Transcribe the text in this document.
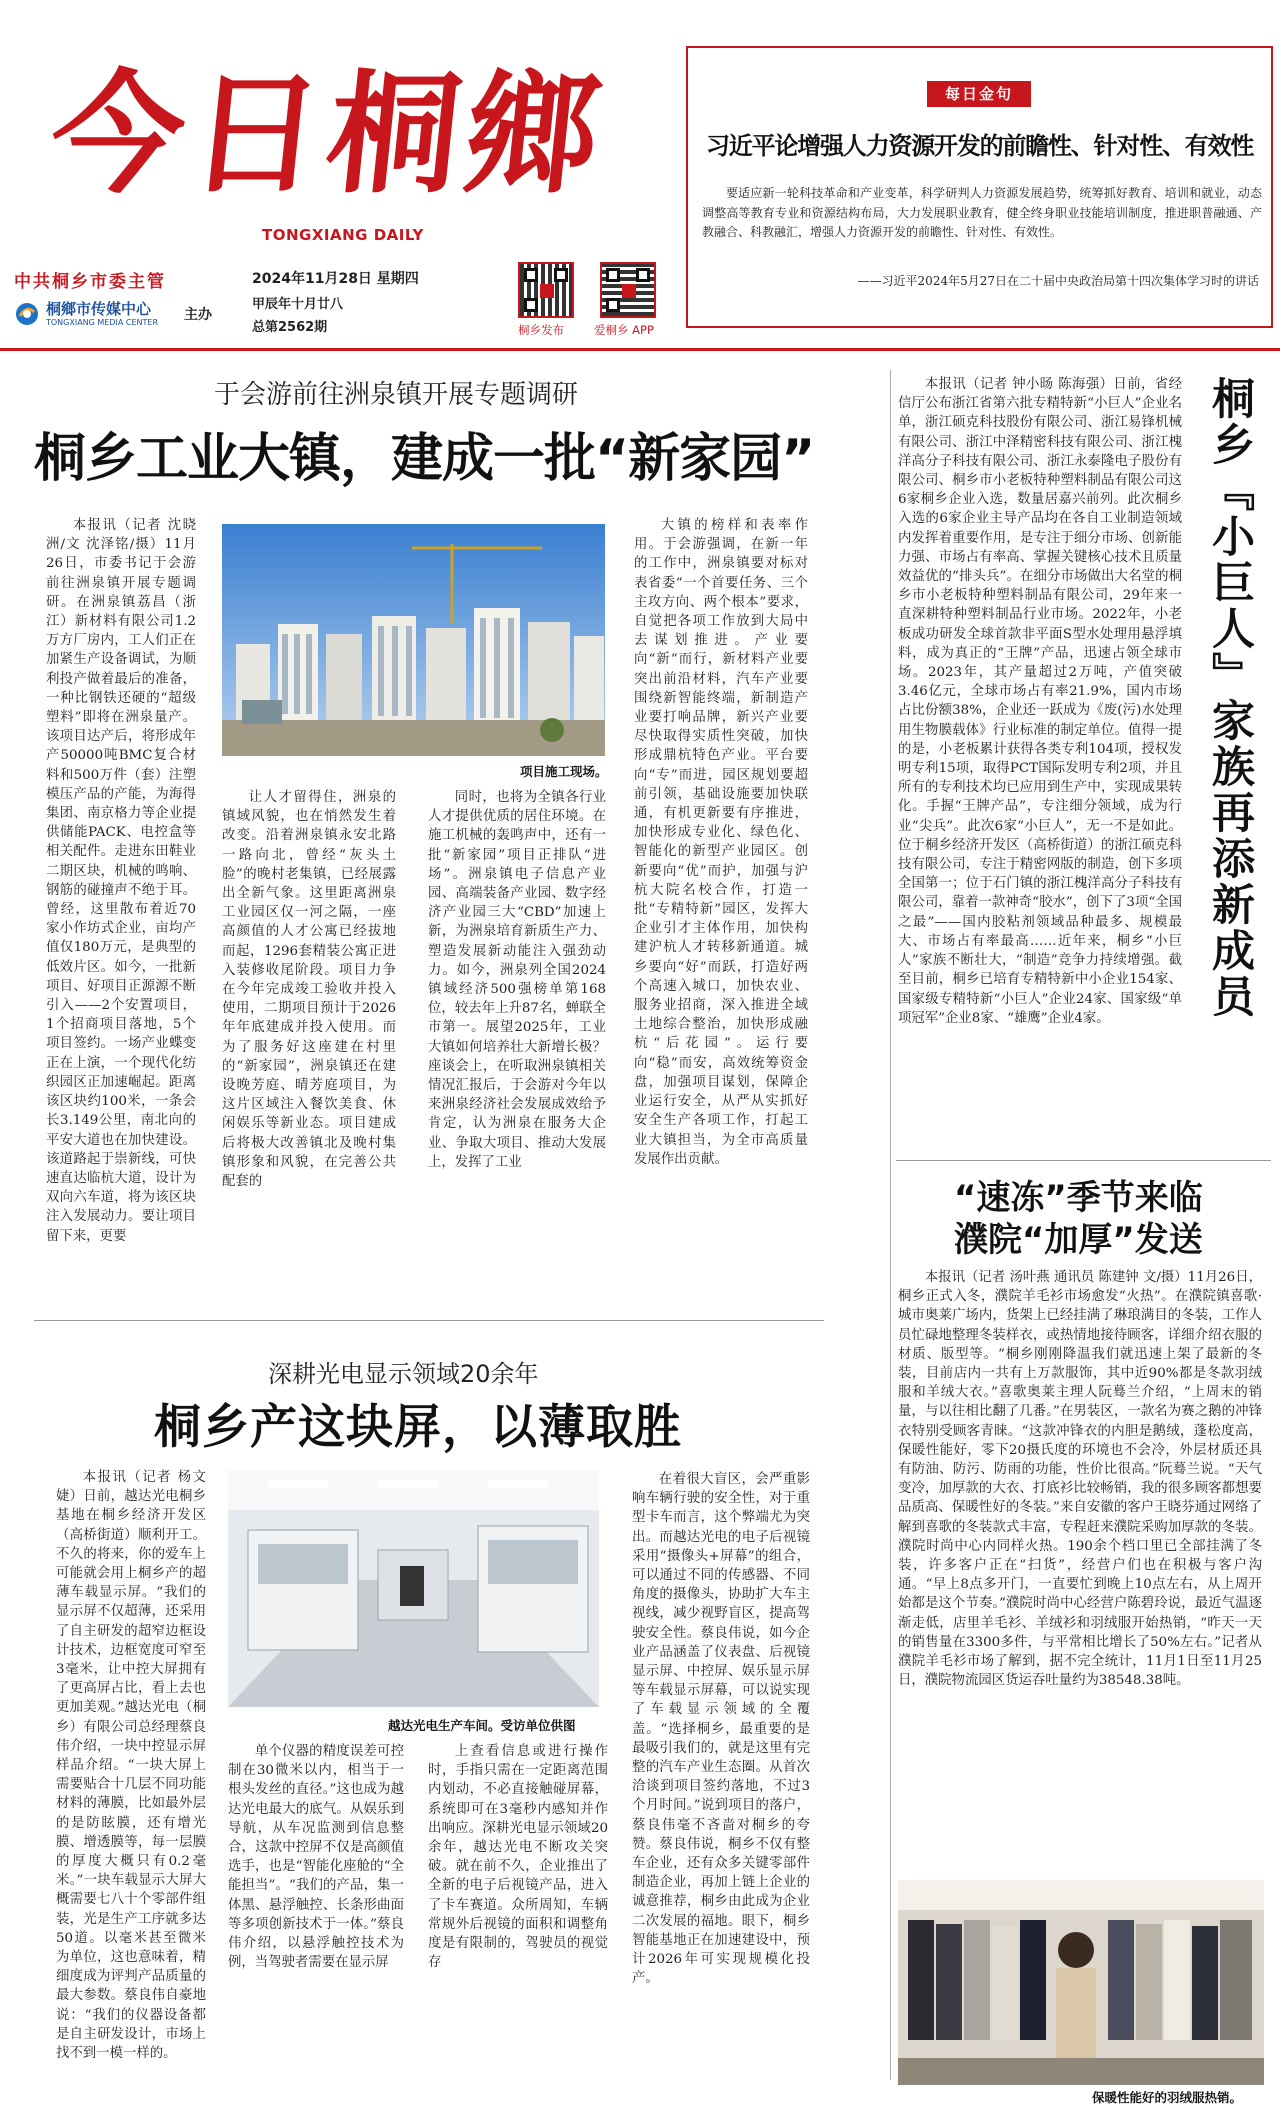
今日桐鄉
TONGXIANG DAILY
中共桐乡市委主管
桐鄉市传媒中心
TONGXIANG MEDIA CENTER 主办
2024年11月28日 星期四
甲辰年十月廿八
总第2562期	桐乡发布	爱桐乡 APP
每日金句
习近平论增强人力资源开发的前瞻性、针对性、有效性
要适应新一轮科技革命和产业变革，科学研判人力资源发展趋势，统筹抓好教育、培训和就业，动态调整高等教育专业和资源结构布局，大力发展职业教育，健全终身职业技能培训制度，推进职普融通、产教融合、科教融汇，增强人力资源开发的前瞻性、针对性、有效性。
——习近平2024年5月27日在二十届中央政治局第十四次集体学习时的讲话
于会游前往洲泉镇开展专题调研
桐乡工业大镇，建成一批“新家园”
本报讯（记者 沈晓洲/文 沈泽铭/摄）11月26日，市委书记于会游前往洲泉镇开展专题调研。在洲泉镇荔昌（浙江）新材料有限公司1.2万方厂房内，工人们正在加紧生产设备调试，为顺利投产做着最后的准备，一种比钢铁还硬的“超级塑料”即将在洲泉量产。该项目达产后，将形成年产50000吨BMC复合材料和500万件（套）注塑模压产品的产能，为海得集团、南京格力等企业提供储能PACK、电控盒等相关配件。走进东田鞋业二期区块，机械的鸣响、钢筋的碰撞声不绝于耳。曾经，这里散布着近70家小作坊式企业，亩均产值仅180万元，是典型的低效片区。如今，一批新项目、好项目正源源不断引入——2个安置项目，1个招商项目落地，5个项目签约。一场产业蝶变正在上演，一个现代化纺织园区正加速崛起。距离该区块约100米，一条会长3.149公里，南北向的平安大道也在加快建设。该道路起于崇新线，可快速直达临杭大道，设计为双向六车道，将为该区块注入发展动力。要让项目留下来，更要
项目施工现场。
让人才留得住，洲泉的镇域风貌，也在悄然发生着改变。沿着洲泉镇永安北路一路向北，曾经“灰头土脸”的晚村老集镇，已经展露出全新气象。这里距离洲泉工业园区仅一河之隔，一座高颜值的人才公寓已经拔地而起，1296套精装公寓正进入装修收尾阶段。项目力争在今年完成竣工验收并投入使用，二期项目预计于2026年年底建成并投入使用。而为了服务好这座建在村里的“新家园”，洲泉镇还在建设晚芳庭、晴芳庭项目，为这片区域注入餐饮美食、休闲娱乐等新业态。项目建成后将极大改善镇北及晚村集镇形象和风貌，在完善公共配套的
同时，也将为全镇各行业人才提供优质的居住环境。在施工机械的轰鸣声中，还有一批“新家园”项目正排队“进场”。洲泉镇电子信息产业园、高端装备产业园、数字经济产业园三大“CBD”加速上新，为洲泉培育新质生产力、塑造发展新动能注入强劲动力。如今，洲泉列全国2024镇域经济500强榜单第168位，较去年上升87名，蝉联全市第一。展望2025年，工业大镇如何培养壮大新增长极？座谈会上，在听取洲泉镇相关情况汇报后，于会游对今年以来洲泉经济社会发展成效给予肯定，认为洲泉在服务大企业、争取大项目、推动大发展上，发挥了工业
大镇的榜样和表率作用。于会游强调，在新一年的工作中，洲泉镇要对标对表省委“一个首要任务、三个主攻方向、两个根本”要求，自觉把各项工作放到大局中去谋划推进。产业要向“新”而行，新材料产业要突出前沿材料，汽车产业要围绕新智能终端，新制造产业要打响品牌，新兴产业要尽快取得实质性突破，加快形成鼎杭特色产业。平台要向“专”而进，园区规划要超前引领，基础设施要加快联通，有机更新要有序推进，加快形成专业化、绿色化、智能化的新型产业园区。创新要向“优”而护，加强与沪杭大院名校合作，打造一批“专精特新”园区，发挥大企业引才主体作用，加快构建沪杭人才转移新通道。城乡要向“好”而跃，打造好两个高速入城口，加快农业、服务业招商，深入推进全域土地综合整治，加快形成融杭“后花园”。运行要向“稳”而安，高效统筹资金盘，加强项目谋划，保障企业运行安全，从严从实抓好安全生产各项工作，打起工业大镇担当，为全市高质量发展作出贡献。
深耕光电显示领域20余年
桐乡产这块屏，以薄取胜
本报讯（记者 杨文婕）日前，越达光电桐乡基地在桐乡经济开发区（高桥街道）顺利开工。不久的将来，你的爱车上可能就会用上桐乡产的超薄车载显示屏。“我们的显示屏不仅超薄，还采用了自主研发的超窄边框设计技术，边框宽度可窄至3毫米，让中控大屏拥有了更高屏占比，看上去也更加美观。”越达光电（桐乡）有限公司总经理蔡良伟介绍，一块中控显示屏样品介绍。“一块大屏上需要贴合十几层不同功能材料的薄膜，比如最外层的是防眩膜，还有增光膜、增透膜等，每一层膜的厚度大概只有0.2毫米。”一块车载显示大屏大概需要七八十个零部件组装，光是生产工序就多达50道。以毫米甚至微米为单位，这也意味着，精细度成为评判产品质量的最大参数。蔡良伟自豪地说：“我们的仪器设备都是自主研发设计，市场上找不到一模一样的。
越达光电生产车间。受访单位供图
单个仪器的精度误差可控制在30微米以内，相当于一根头发丝的直径。”这也成为越达光电最大的底气。从娱乐到导航，从车况监测到信息整合，这款中控屏不仅是高颜值选手，也是“智能化座舱的“全能担当”。“我们的产品，集一体黑、悬浮触控、长条形曲面等多项创新技术于一体。”蔡良伟介绍，以悬浮触控技术为例，当驾驶者需要在显示屏
上查看信息或进行操作时，手指只需在一定距离范围内划动，不必直接触碰屏幕，系统即可在3毫秒内感知并作出响应。深耕光电显示领域20余年，越达光电不断攻关突破。就在前不久，企业推出了全新的电子后视镜产品，进入了卡车赛道。众所周知，车辆常规外后视镜的面积和调整角度是有限制的，驾驶员的视觉存
在着很大盲区，会严重影响车辆行驶的安全性，对于重型卡车而言，这个弊端尤为突出。而越达光电的电子后视镜采用“摄像头+屏幕”的组合，可以通过不同的传感器、不同角度的摄像头，协助扩大车主视线，减少视野盲区，提高驾驶安全性。蔡良伟说，如今企业产品涵盖了仪表盘、后视镜显示屏、中控屏、娱乐显示屏等车载显示屏幕，可以说实现了车载显示领域的全覆盖。“选择桐乡，最重要的是最吸引我们的，就是这里有完整的汽车产业生态圈。从首次洽谈到项目签约落地，不过3个月时间。”说到项目的落户，蔡良伟毫不吝啬对桐乡的夸赞。蔡良伟说，桐乡不仅有整车企业，还有众多关键零部件制造企业，再加上链上企业的诚意推荐，桐乡由此成为企业二次发展的福地。眼下，桐乡智能基地正在加速建设中，预计2026年可实现规模化投产。
本报讯（记者 钟小旸 陈海强）日前，省经信厅公布浙江省第六批专精特新“小巨人”企业名单，浙江硕克科技股份有限公司、浙江易锋机械有限公司、浙江中泽精密科技有限公司、浙江槐洋高分子科技有限公司、浙江永泰隆电子股份有限公司、桐乡市小老板特种塑料制品有限公司这6家桐乡企业入选，数量居嘉兴前列。此次桐乡入选的6家企业主导产品均在各自工业制造领域内发挥着重要作用，是专注于细分市场、创新能力强、市场占有率高、掌握关键核心技术且质量效益优的“排头兵”。在细分市场做出大名堂的桐乡市小老板特种塑料制品有限公司，29年来一直深耕特种塑料制品行业市场。2022年，小老板成功研发全球首款非平面S型水处理用悬浮填料，成为真正的“王牌”产品，迅速占领全球市场。2023年，其产量超过2万吨，产值突破3.46亿元，全球市场占有率21.9%，国内市场占比份额38%，企业还一跃成为《废(污)水处理用生物膜载体》行业标准的制定单位。值得一提的是，小老板累计获得各类专利104项，授权发明专利15项，取得PCT国际发明专利2项，并且所有的专利技术均已应用到生产中，实现成果转化。手握“王牌产品”，专注细分领域，成为行业“尖兵”。此次6家“小巨人”，无一不是如此。位于桐乡经济开发区（高桥街道）的浙江硕克科技有限公司，专注于精密网版的制造，创下多项全国第一；位于石门镇的浙江槐洋高分子科技有限公司，靠着一款神奇“胶水”，创下了3项“全国之最”——国内胶粘剂领域品种最多、规模最大、市场占有率最高……近年来，桐乡“小巨人”家族不断壮大，“制造”竞争力持续增强。截至目前，桐乡已培育专精特新中小企业154家、国家级专精特新“小巨人”企业24家、国家级“单项冠军”企业8家、“雄鹰”企业4家。	桐乡『小巨人』家族再添新成员
“速冻”季节来临
濮院“加厚”发送
本报讯（记者 汤叶燕 通讯员 陈建钟 文/摄）11月26日，桐乡正式入冬，濮院羊毛衫市场愈发“火热”。在濮院镇喜歌·城市奥莱广场内，货架上已经挂满了琳琅满目的冬装，工作人员忙碌地整理冬装样衣，或热情地接待顾客，详细介绍衣服的材质、版型等。“桐乡刚刚降温我们就迅速上架了最新的冬装，目前店内一共有上万款服饰，其中近90%都是冬款羽绒服和羊绒大衣。”喜歌奥莱主理人阮蓦兰介绍，“上周末的销量，与以往相比翻了几番。”在男装区，一款名为赛之鹅的冲锋衣特别受顾客青睐。“这款冲锋衣的内胆是鹅绒，蓬松度高，保暖性能好，零下20摄氏度的环境也不会冷，外层材质还具有防油、防污、防雨的功能，性价比很高。”阮蓦兰说。“天气变冷，加厚款的大衣、打底衫比较畅销，我的很多顾客都想要品质高、保暖性好的冬装。”来自安徽的客户王晓芬通过网络了解到喜歌的冬装款式丰富，专程赶来濮院采购加厚款的冬装。濮院时尚中心内同样火热。190余个档口里已全部挂满了冬装，许多客户正在“扫货”，经营户们也在积极与客户沟通。“早上8点多开门，一直要忙到晚上10点左右，从上周开始都是这个节奏。”濮院时尚中心经营户陈碧玲说，最近气温逐渐走低，店里羊毛衫、羊绒衫和羽绒服开始热销，“昨天一天的销售量在3300多件，与平常相比增长了50%左右。”记者从濮院羊毛衫市场了解到，据不完全统计，11月1日至11月25日，濮院物流园区货运吞吐量约为38548.38吨。
保暖性能好的羽绒服热销。
